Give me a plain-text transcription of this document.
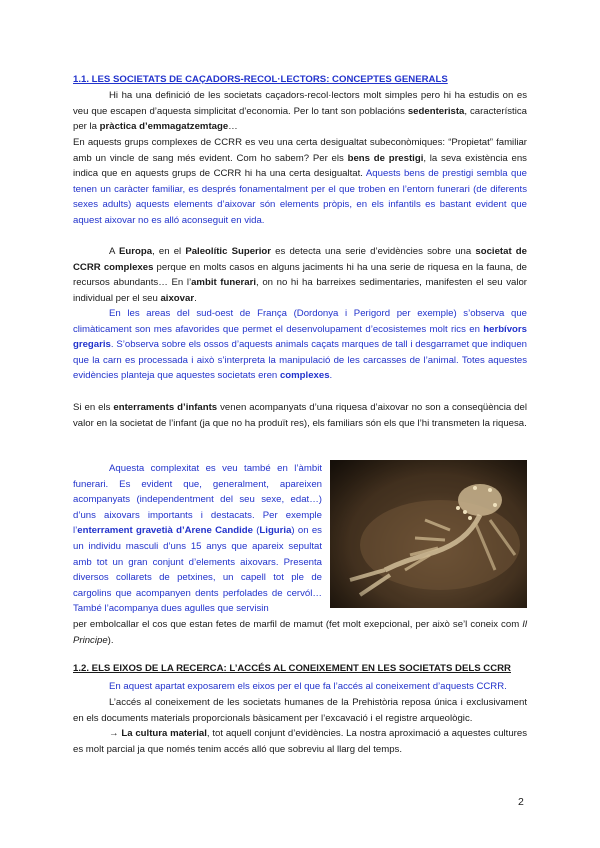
1.1. LES SOCIETATS DE CAÇADORS-RECOL·LECTORS: CONCEPTES GENERALS

Hi ha una definició de les societats caçadors-recol·lectors molt simples pero hi ha estudis on es veu que escapen d’aquesta simplicitat d’economia. Per lo tant son poblacións sedenterista, característica per la pràctica d’emmagatzemtage…

En aquests grups complexes de CCRR es veu una certa desigualtat subeconòmiques: “Propietat” familiar amb un vincle de sang més evident. Com ho sabem? Per els bens de prestigi, la seva existència ens indica que en aquests grups de CCRR hi ha una certa desigualtat. Aquests bens de prestigi sembla que tenen un caràcter familiar, es després fonamentalment per el que troben en l’entorn funerari (de diferents sexes adults) aquests elements d’aixovar són elements pròpis, en els infantils es bastant evident que aquest aixovar no es alló aconseguit en vida.

A Europa, en el Paleolític Superior es detecta una serie d’evidències sobre una societat de CCRR complexes perque en molts casos en alguns jaciments hi ha una serie de riquesa en la fauna, de recursos abundants… En l’ambit funerari, on no hi ha barreixes sedimentaries, manifesten el seu valor individual per el seu aixovar.

En les areas del sud-oest de França (Dordonya i Perigord per exemple) s’observa que climàticament son mes afavorides que permet el desenvolupament d’ecosistemes molt rics en herbívors gregaris. S’observa sobre els ossos d’aquests animals caçats marques de tall i desgarramet que indiquen que la carn es processada i això s’interpreta la manipulació de les carcasses de l’animal. Totes aquestes evidències planteja que aquestes societats eren complexes.

Si en els enterraments d’infants venen acompanyats d’una riquesa d’aixovar no son a conseqüència del valor en la societat de l’infant (ja que no ha produït res), els familiars són els que l’hi transmeten la riquesa.

Aquesta complexitat es veu també en l’àmbit funerari. Es evident que, generalment, apareixen acompanyats (independentment del seu sexe, edat…) d’uns aixovars importants i destacats. Per exemple l’enterrament gravetià d’Arene Candide (Liguria) on es un individu masculi d’uns 15 anys que apareix sepultat amb tot un gran conjunt d’elements aixovars. Presenta diversos collarets de petxines, un capell tot ple de cargolins que acompanyen dents perfolades de cervól… També l’acompanya dues agulles que servisin

per embolcallar el cos que estan fetes de marfil de mamut (fet molt exepcional, per això se’l coneix com Il Principe).

1.2. ELS EIXOS DE LA RECERCA: L’ACCÉS AL CONEIXEMENT EN LES SOCIETATS DELS CCRR

En aquest apartat exposarem els eixos per el que fa l’accés al coneixement d’aquests CCRR.

L’accés al coneixement de les societats humanes de la Prehistòria reposa única i exclusivament en els documents materials proporcionals bàsicament per l’excavació i el registre arqueològic.

→ La cultura material, tot aquell conjunt d’evidències. La nostra aproximació a aquestes cultures es molt parcial ja que només tenim accés alló que sobreviu al llarg del temps.

2
